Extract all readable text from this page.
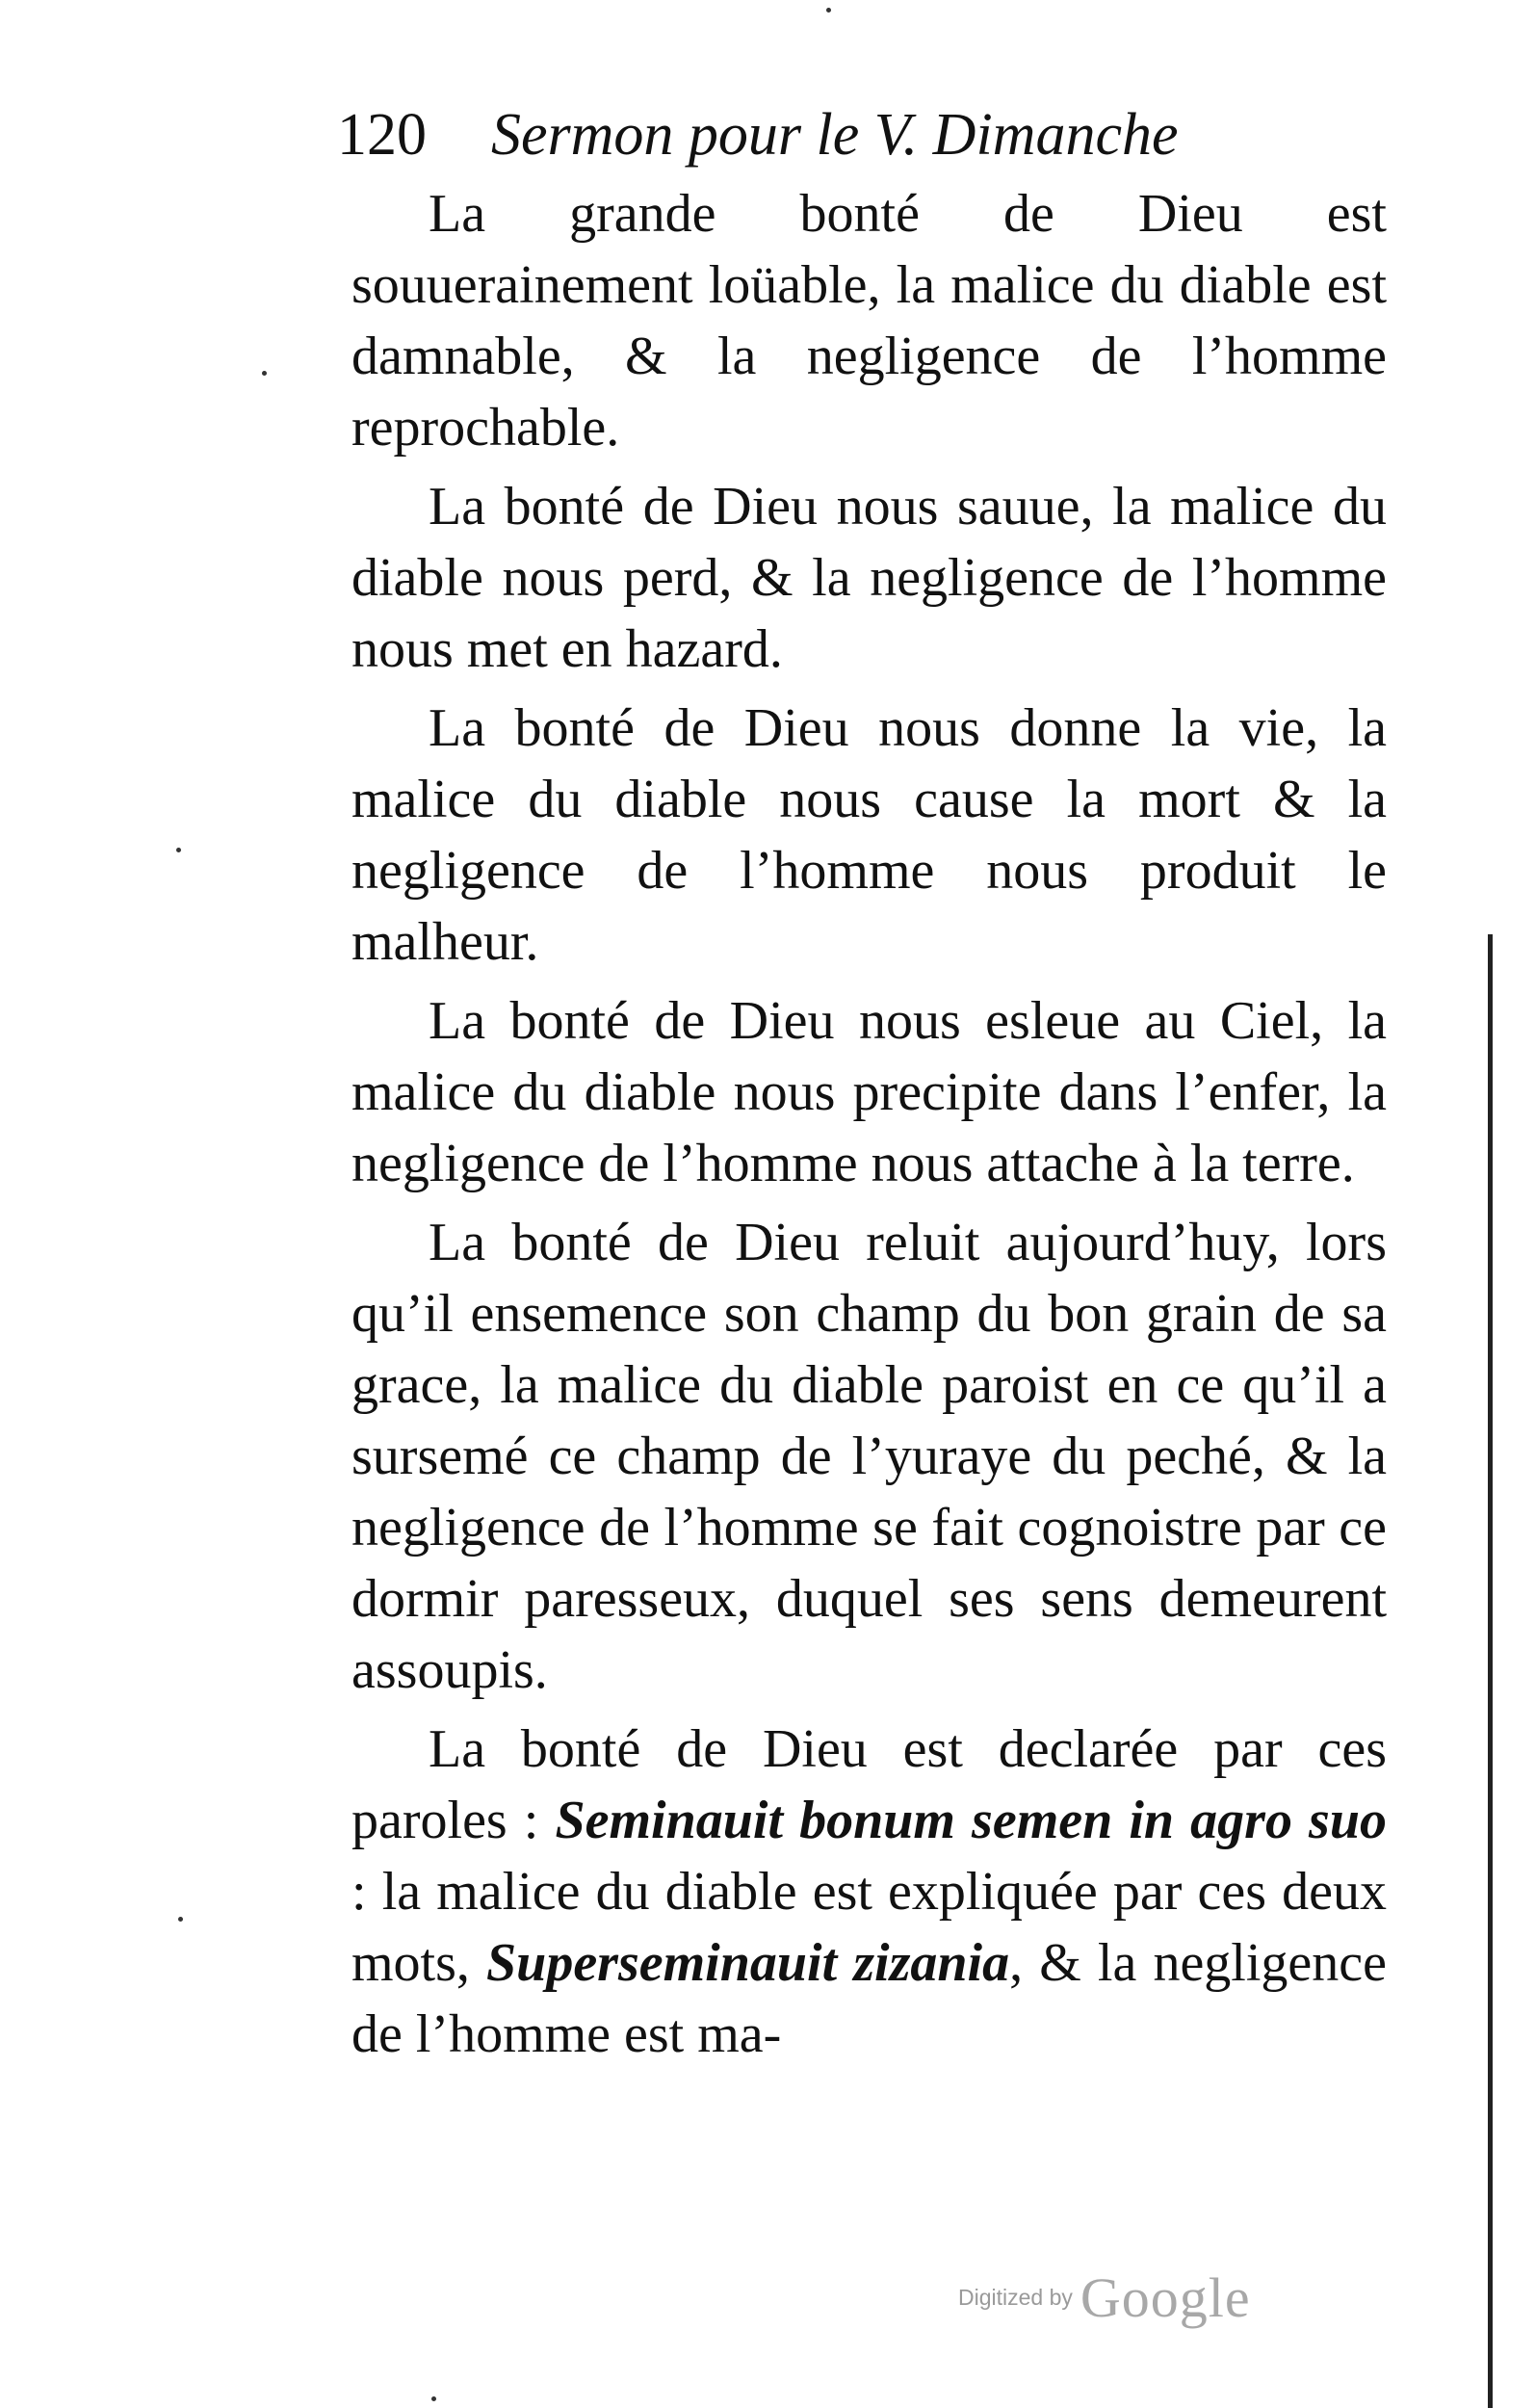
120 Sermon pour le V. Dimanche

La grande bonté de Dieu est souuerainement loüable, la malice du diable est damnable, & la negligence de l’homme reprochable.

La bonté de Dieu nous sauue, la malice du diable nous perd, & la negligence de l’homme nous met en hazard.

La bonté de Dieu nous donne la vie, la malice du diable nous cause la mort & la negligence de l’homme nous produit le malheur.

La bonté de Dieu nous esleue au Ciel, la malice du diable nous precipite dans l’enfer, la negligence de l’homme nous attache à la terre.

La bonté de Dieu reluit aujourd’huy, lors qu’il ensemence son champ du bon grain de sa grace, la malice du diable paroist en ce qu’il a sursemé ce champ de l’yuraye du peché, & la negligence de l’homme se fait cognoistre par ce dormir paresseux, duquel ses sens demeurent assoupis.

La bonté de Dieu est declarée par ces paroles : Seminauit bonum semen in agro suo : la malice du diable est expliquée par ces deux mots, Superseminauit zizania, & la negligence de l’homme est ma-

Digitized by Google
